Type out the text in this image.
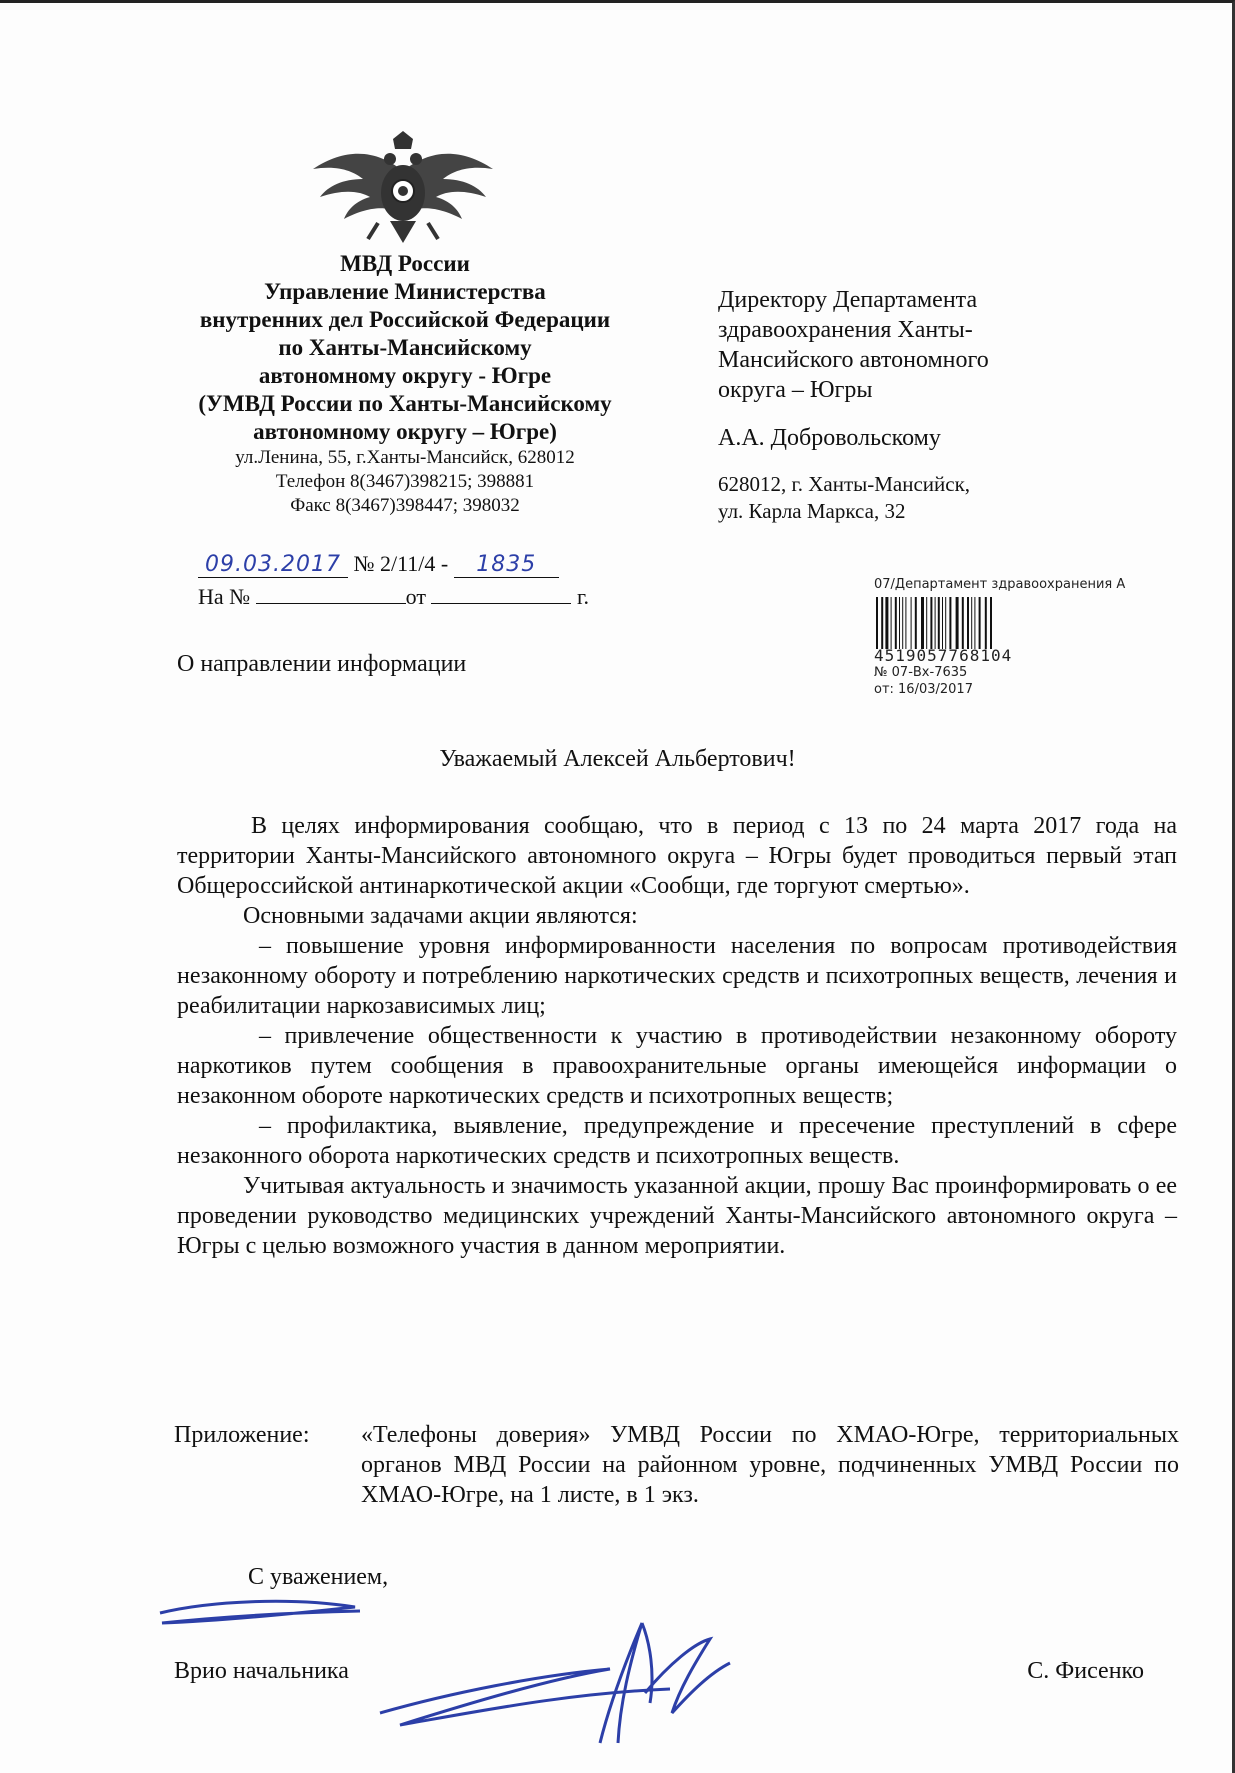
МВД России
Управление Министерства
внутренних дел Российской Федерации
по Ханты-Мансийскому
автономному округу - Югре
(УМВД России по Ханты-Мансийскому
автономному округу – Югре)
ул.Ленина, 55, г.Ханты-Мансийск, 628012
Телефон 8(3467)398215; 398881
Факс 8(3467)398447; 398032
09.03.2017 № 2/11/4 - 1835
На №	от	г.
Директору Департамента
здравоохранения Ханты-
Мансийского автономного
округа – Югры
А.А. Добровольскому
628012, г. Ханты-Мансийск,
ул. Карла Маркса, 32
07/Департамент здравоохранения А
4519057768104
№ 07-Вх-7635
от: 16/03/2017
О направлении информации
Уважаемый Алексей Альбертович!

В целях информирования сообщаю, что в период с 13 по 24 марта 2017 года на территории Ханты-Мансийского автономного округа – Югры будет проводиться первый этап Общероссийской антинаркотической акции «Сообщи, где торгуют смертью».

Основными задачами акции являются:

– повышение уровня информированности населения по вопросам противодействия незаконному обороту и потреблению наркотических средств и психотропных веществ, лечения и реабилитации наркозависимых лиц;

– привлечение общественности к участию в противодействии незаконному обороту наркотиков путем сообщения в правоохранительные органы имеющейся информации о незаконном обороте наркотических средств и психотропных веществ;

– профилактика, выявление, предупреждение и пресечение преступлений в сфере незаконного оборота наркотических средств и психотропных веществ.

Учитывая актуальность и значимость указанной акции, прошу Вас проинформировать о ее проведении руководство медицинских учреждений Ханты-Мансийского автономного округа – Югры с целью возможного участия в данном мероприятии.

Приложение: «Телефоны доверия» УМВД России по ХМАО-Югре, территориальных органов МВД России на районном уровне, подчиненных УМВД России по ХМАО-Югре, на 1 листе, в 1 экз.
С уважением,
Врио начальника	С. Фисенко
